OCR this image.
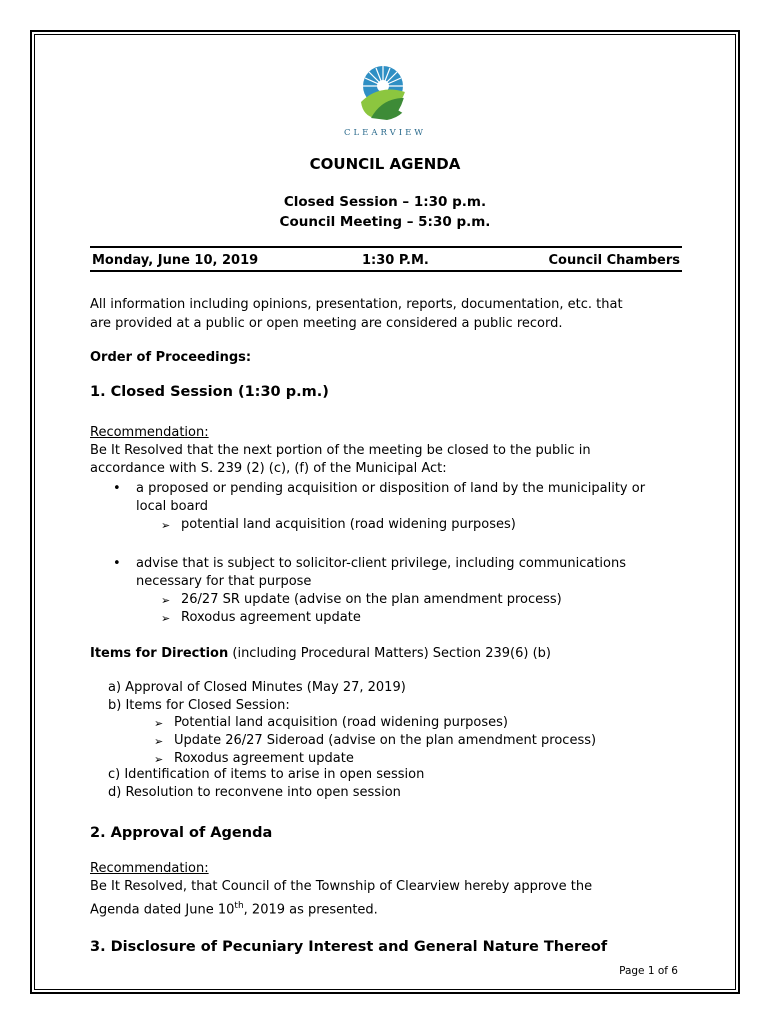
CLEARVIEW
COUNCIL AGENDA
Closed Session – 1:30 p.m.
Council Meeting – 5:30 p.m.
Monday, June 10, 2019	1:30 P.M.	Council Chambers
All information including opinions, presentation, reports, documentation, etc. that
are provided at a public or open meeting are considered a public record.
Order of Proceedings:
1. Closed Session (1:30 p.m.)
Recommendation:
Be It Resolved that the next portion of the meeting be closed to the public in
accordance with S. 239 (2) (c), (f) of the Municipal Act:
• a proposed or pending acquisition or disposition of land by the municipality or
local board
➢ potential land acquisition (road widening purposes)
• advise that is subject to solicitor-client privilege, including communications
necessary for that purpose
➢ 26/27 SR update (advise on the plan amendment process)
➢ Roxodus agreement update
Items for Direction (including Procedural Matters) Section 239(6) (b)
a) Approval of Closed Minutes (May 27, 2019)
b) Items for Closed Session:
➢ Potential land acquisition (road widening purposes)
➢ Update 26/27 Sideroad (advise on the plan amendment process)
➢ Roxodus agreement update
c) Identification of items to arise in open session
d) Resolution to reconvene into open session
2. Approval of Agenda
Recommendation:
Be It Resolved, that Council of the Township of Clearview hereby approve the
Agenda dated June 10th, 2019 as presented.
3. Disclosure of Pecuniary Interest and General Nature Thereof
Page 1 of 6
